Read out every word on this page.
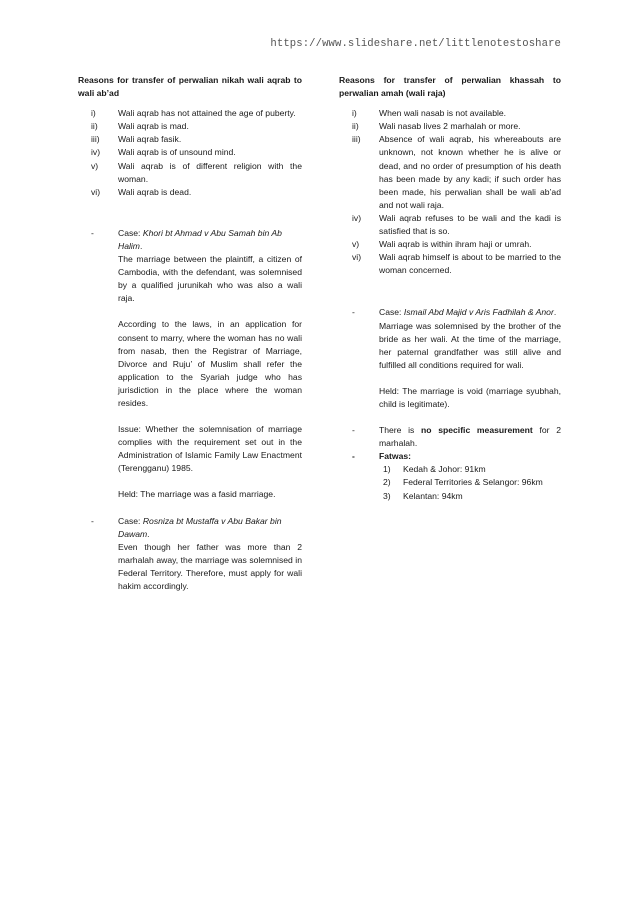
https://www.slideshare.net/littlenotestoshare
Reasons for transfer of perwalian nikah wali aqrab to wali ab’ad
i)	Wali aqrab has not attained the age of puberty.
ii)	Wali aqrab is mad.
iii)	Wali aqrab fasik.
iv)	Wali aqrab is of unsound mind.
v)	Wali aqrab is of different religion with the woman.
vi)	Wali aqrab is dead.
-	Case: Khori bt Ahmad v Abu Samah bin Ab Halim.

The marriage between the plaintiff, a citizen of Cambodia, with the defendant, was solemnised by a qualified jurunikah who was also a wali raja.

According to the laws, in an application for consent to marry, where the woman has no wali from nasab, then the Registrar of Marriage, Divorce and Ruju’ of Muslim shall refer the application to the Syariah judge who has jurisdiction in the place where the woman resides.

Issue: Whether the solemnisation of marriage complies with the requirement set out in the Administration of Islamic Family Law Enactment (Terengganu) 1985.

Held: The marriage was a fasid marriage.

-	Case: Rosniza bt Mustaffa v Abu Bakar bin Dawam.

Even though her father was more than 2 marhalah away, the marriage was solemnised in Federal Territory. Therefore, must apply for wali hakim accordingly.

Reasons for transfer of perwalian khassah to perwalian amah (wali raja)
i)	When wali nasab is not available.
ii)	Wali nasab lives 2 marhalah or more.
iii)	Absence of wali aqrab, his whereabouts are unknown, not known whether he is alive or dead, and no order of presumption of his death has been made by any kadi; if such order has been made, his perwalian shall be wali ab’ad and not wali raja.
iv)	Wali aqrab refuses to be wali and the kadi is satisfied that is so.
v)	Wali aqrab is within ihram haji or umrah.
vi)	Wali aqrab himself is about to be married to the woman concerned.
-	Case: Ismail Abd Majid v Aris Fadhilah & Anor.

Marriage was solemnised by the brother of the bride as her wali. At the time of the marriage, her paternal grandfather was still alive and fulfilled all conditions required for wali.

Held: The marriage is void (marriage syubhah, child is legitimate).

-	There is no specific measurement for 2 marhalah.

-	Fatwas:

1)	Kedah & Johor: 91km
2)	Federal Territories & Selangor: 96km
3)	Kelantan: 94km
